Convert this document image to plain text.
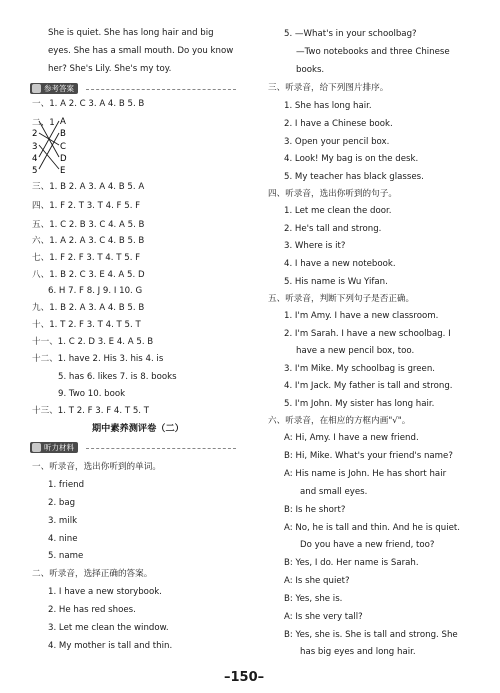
She is quiet. She has long hair and big
eyes. She has a small mouth. Do you know
her? She's Lily. She's my toy.
参考答案
一、1. A 2. C 3. A 4. B 5. B
二、1
2
3
4
5
A
B
C
D
E
三、1. B 2. A 3. A 4. B 5. A
四、1. F 2. T 3. T 4. F 5. F
五、1. C 2. B 3. C 4. A 5. B
六、1. A 2. A 3. C 4. B 5. B
七、1. F 2. F 3. T 4. T 5. F
八、1. B 2. C 3. E 4. A 5. D
6. H 7. F 8. J 9. I 10. G
九、1. B 2. A 3. A 4. B 5. B
十、1. T 2. F 3. T 4. T 5. T
十一、1. C 2. D 3. E 4. A 5. B
十二、1. have 2. His 3. his 4. is
5. has 6. likes 7. is 8. books
9. Two 10. book
十三、1. T 2. F 3. F 4. T 5. T
期中素养测评卷（二）
听力材料
一、听录音，选出你听到的单词。
1. friend
2. bag
3. milk
4. nine
5. name
二、听录音，选择正确的答案。
1. I have a new storybook.
2. He has red shoes.
3. Let me clean the window.
4. My mother is tall and thin.
5. —What's in your schoolbag?
—Two notebooks and three Chinese
books.
三、听录音，给下列图片排序。
1. She has long hair.
2. I have a Chinese book.
3. Open your pencil box.
4. Look! My bag is on the desk.
5. My teacher has black glasses.
四、听录音，选出你听到的句子。
1. Let me clean the door.
2. He's tall and strong.
3. Where is it?
4. I have a new notebook.
5. His name is Wu Yifan.
五、听录音，判断下列句子是否正确。
1. I'm Amy. I have a new classroom.
2. I'm Sarah. I have a new schoolbag. I
have a new pencil box, too.
3. I'm Mike. My schoolbag is green.
4. I'm Jack. My father is tall and strong.
5. I'm John. My sister has long hair.
六、听录音，在相应的方框内画"√"。
A: Hi, Amy. I have a new friend.
B: Hi, Mike. What's your friend's name?
A: His name is John. He has short hair
and small eyes.
B: Is he short?
A: No, he is tall and thin. And he is quiet.
Do you have a new friend, too?
B: Yes, I do. Her name is Sarah.
A: Is she quiet?
B: Yes, she is.
A: Is she very tall?
B: Yes, she is. She is tall and strong. She
has big eyes and long hair.
–150–
